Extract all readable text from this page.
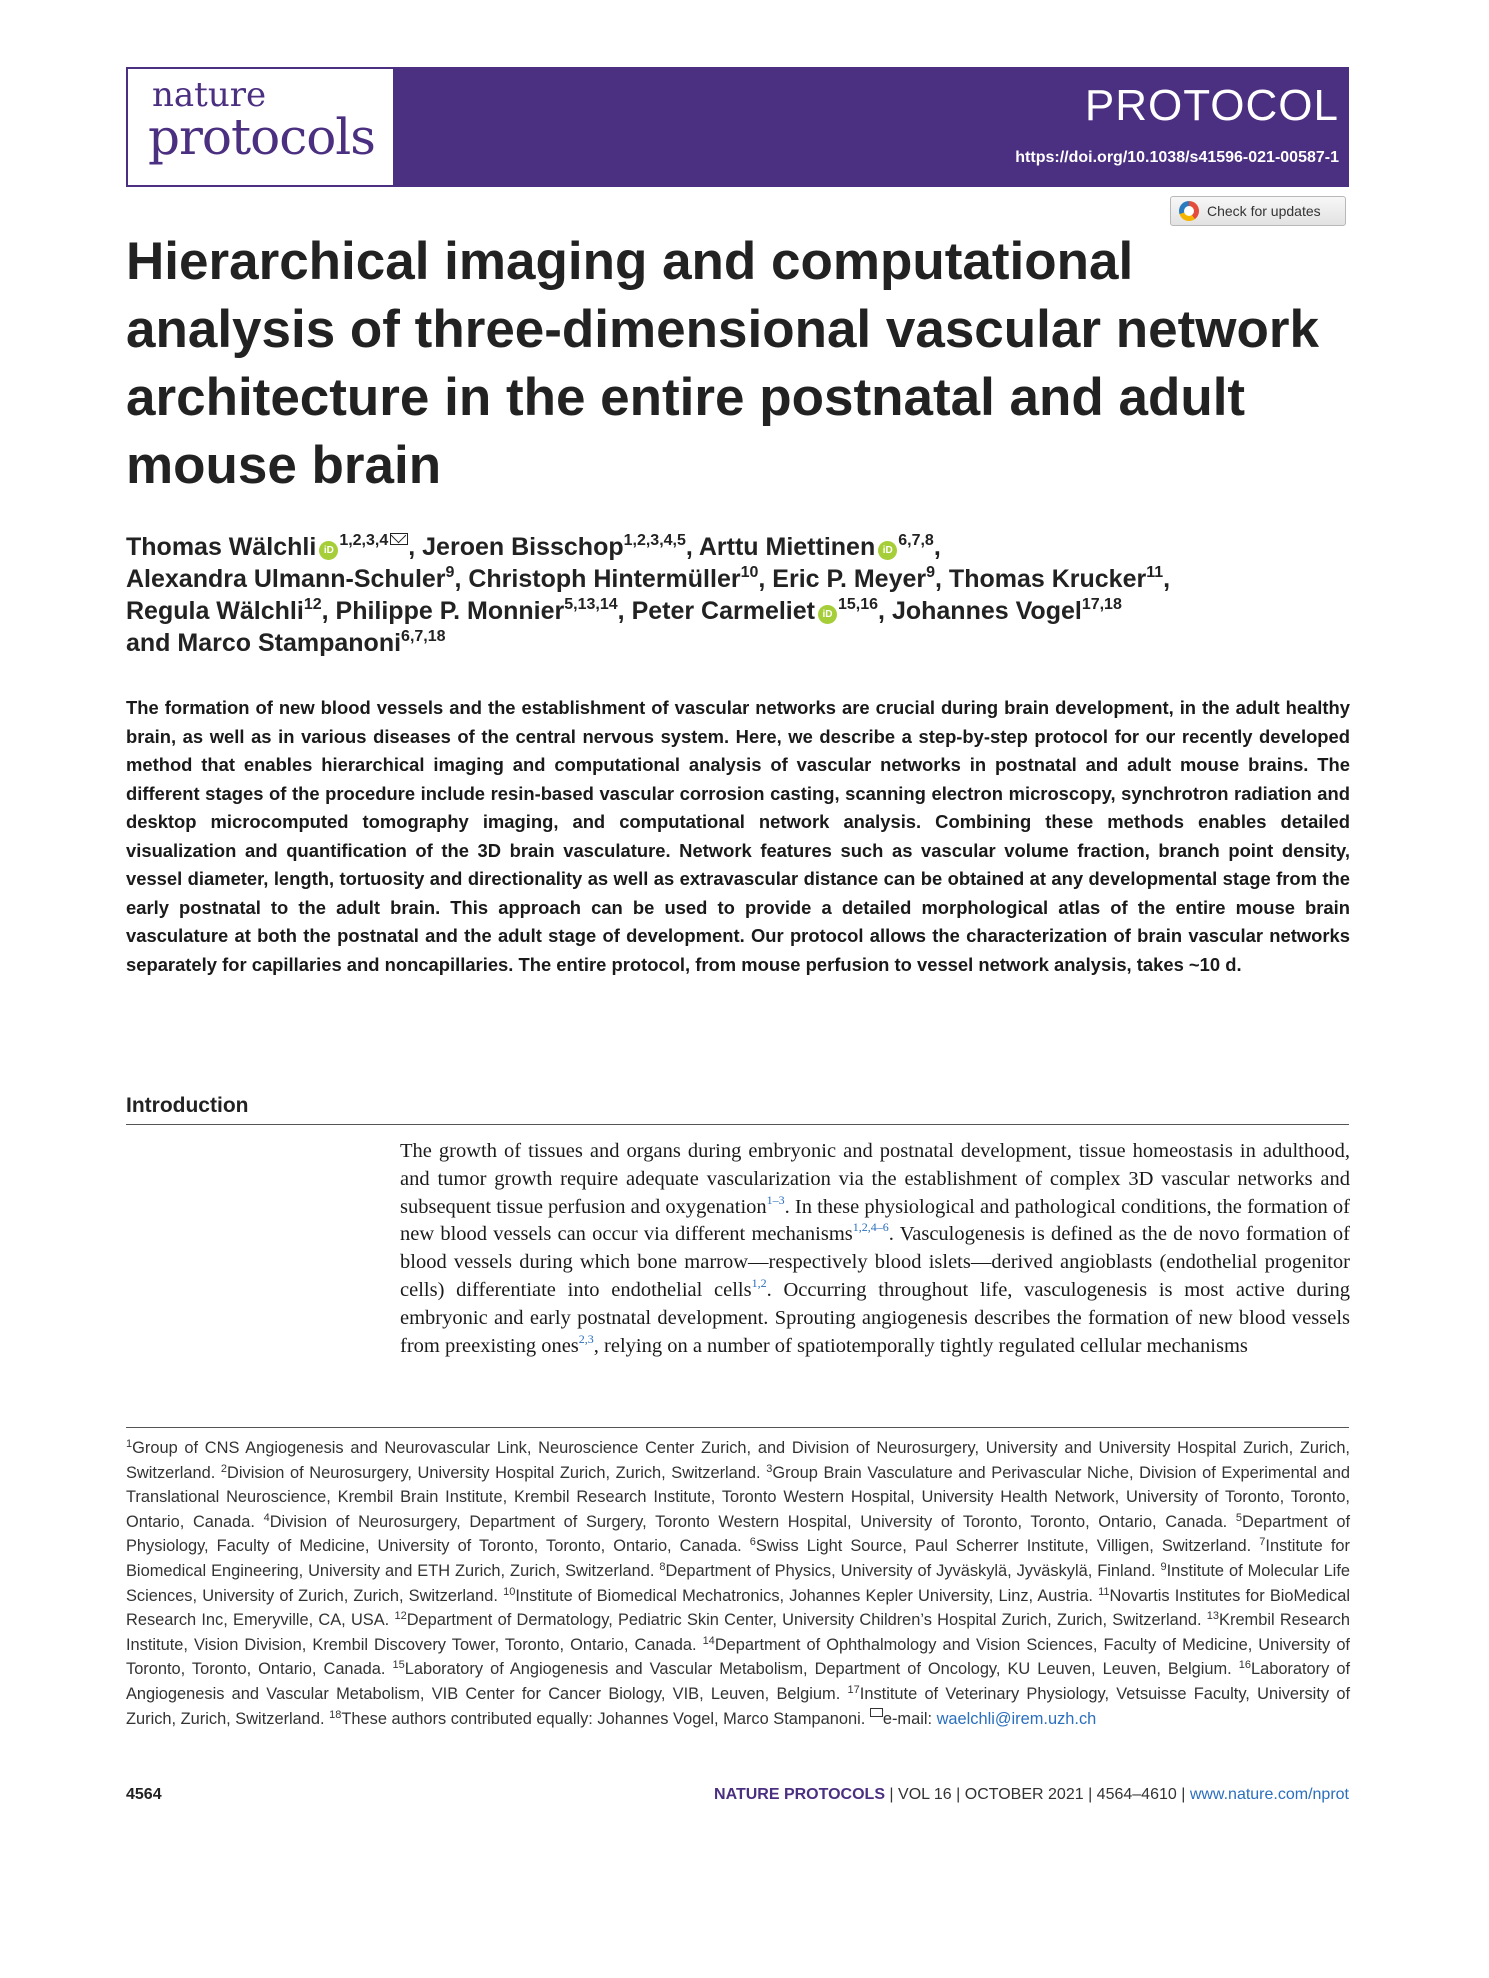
nature
protocols
PROTOCOL
https://doi.org/10.1038/s41596-021-00587-1
Check for updates
Hierarchical imaging and computational analysis of three-dimensional vascular network architecture in the entire postnatal and adult mouse brain
Thomas Wälchli iD$^{1,2,3,4}$ , Jeroen Bisschop$^{1,2,3,4,5}$, Arttu Miettinen iD$^{6,7,8}$,
Alexandra Ulmann-Schuler$^9$, Christoph Hintermüller$^{10}$, Eric P. Meyer$^9$, Thomas Krucker$^{11}$,
Regula Wälchli$^{12}$, Philippe P. Monnier$^{5,13,14}$, Peter Carmeliet iD$^{15,16}$, Johannes Vogel$^{17,18}$
and Marco Stampanoni$^{6,7,18}$

The formation of new blood vessels and the establishment of vascular networks are crucial during brain development, in the adult healthy brain, as well as in various diseases of the central nervous system. Here, we describe a step-by-step protocol for our recently developed method that enables hierarchical imaging and computational analysis of vascular networks in postnatal and adult mouse brains. The different stages of the procedure include resin-based vascular corrosion casting, scanning electron microscopy, synchrotron radiation and desktop microcomputed tomography imaging, and computational network analysis. Combining these methods enables detailed visualization and quantification of the 3D brain vasculature. Network features such as vascular volume fraction, branch point density, vessel diameter, length, tortuosity and directionality as well as extravascular distance can be obtained at any developmental stage from the early postnatal to the adult brain. This approach can be used to provide a detailed morphological atlas of the entire mouse brain vasculature at both the postnatal and the adult stage of development. Our protocol allows the characterization of brain vascular networks separately for capillaries and noncapillaries. The entire protocol, from mouse perfusion to vessel network analysis, takes ~10 d.

Introduction

The growth of tissues and organs during embryonic and postnatal development, tissue homeostasis in adulthood, and tumor growth require adequate vascularization via the establishment of complex 3D vascular networks and subsequent tissue perfusion and oxygenation$^{1-3}$. In these physiological and pathological conditions, the formation of new blood vessels can occur via different mechanisms$^{1,2,4-6}$. Vasculogenesis is defined as the de novo formation of blood vessels during which bone marrow—respectively blood islets—derived angioblasts (endothelial progenitor cells) differentiate into endothelial cells$^{1,2}$. Occurring throughout life, vasculogenesis is most active during embryonic and early postnatal development. Sprouting angiogenesis describes the formation of new blood vessels from preexisting ones$^{2,3}$, relying on a number of spatiotemporally tightly regulated cellular mechanisms

$^1$Group of CNS Angiogenesis and Neurovascular Link, Neuroscience Center Zurich, and Division of Neurosurgery, University and University Hospital Zurich, Zurich, Switzerland. $^2$Division of Neurosurgery, University Hospital Zurich, Zurich, Switzerland. $^3$Group Brain Vasculature and Perivascular Niche, Division of Experimental and Translational Neuroscience, Krembil Brain Institute, Krembil Research Institute, Toronto Western Hospital, University Health Network, University of Toronto, Toronto, Ontario, Canada. $^4$Division of Neurosurgery, Department of Surgery, Toronto Western Hospital, University of Toronto, Toronto, Ontario, Canada. $^5$Department of Physiology, Faculty of Medicine, University of Toronto, Toronto, Ontario, Canada. $^6$Swiss Light Source, Paul Scherrer Institute, Villigen, Switzerland. $^7$Institute for Biomedical Engineering, University and ETH Zurich, Zurich, Switzerland. $^8$Department of Physics, University of Jyväskylä, Jyväskylä, Finland. $^9$Institute of Molecular Life Sciences, University of Zurich, Zurich, Switzerland. $^{10}$Institute of Biomedical Mechatronics, Johannes Kepler University, Linz, Austria. $^{11}$Novartis Institutes for BioMedical Research Inc, Emeryville, CA, USA. $^{12}$Department of Dermatology, Pediatric Skin Center, University Children’s Hospital Zurich, Zurich, Switzerland. $^{13}$Krembil Research Institute, Vision Division, Krembil Discovery Tower, Toronto, Ontario, Canada. $^{14}$Department of Ophthalmology and Vision Sciences, Faculty of Medicine, University of Toronto, Toronto, Ontario, Canada. $^{15}$Laboratory of Angiogenesis and Vascular Metabolism, Department of Oncology, KU Leuven, Leuven, Belgium. $^{16}$Laboratory of Angiogenesis and Vascular Metabolism, VIB Center for Cancer Biology, VIB, Leuven, Belgium. $^{17}$Institute of Veterinary Physiology, Vetsuisse Faculty, University of Zurich, Zurich, Switzerland. $^{18}$These authors contributed equally: Johannes Vogel, Marco Stampanoni. e-mail: waelchli@irem.uzh.ch

4564	NATURE PROTOCOLS | VOL 16 | OCTOBER 2021 | 4564–4610 | www.nature.com/nprot
